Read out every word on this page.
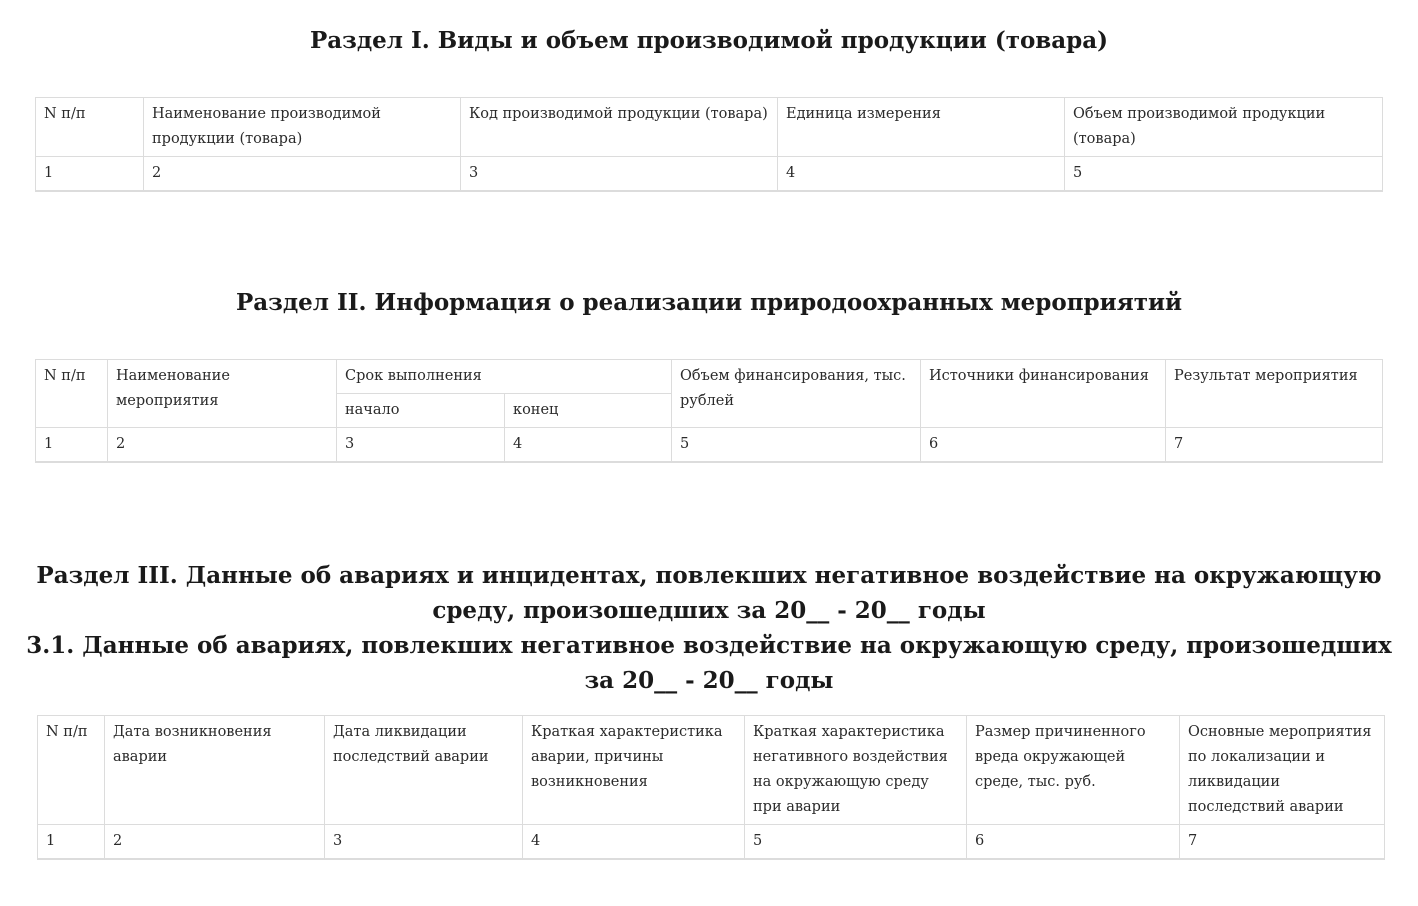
Раздел I. Виды и объем производимой продукции (товара)
N п/п	Наименование производимой продукции (товара)	Код производимой продукции (товара)	Единица измерения	Объем производимой продукции (товара)
1	2	3	4	5

Раздел II. Информация о реализации природоохранных мероприятий
N п/п	Наименование мероприятия	Срок выполнения		Объем финансирования, тыс. рублей	Источники финансирования	Результат мероприятия
		начало	конец			
1	2	3	4	5	6	7

Раздел III. Данные об авариях и инцидентах, повлекших негативное воздействие на окружающую среду, произошедших за 20__ - 20__ годы
3.1. Данные об авариях, повлекших негативное воздействие на окружающую среду, произошедших за 20__ - 20__ годы
N п/п	Дата возникновения аварии	Дата ликвидации последствий аварии	Краткая характеристика аварии, причины возникновения	Краткая характеристика негативного воздействия на окружающую среду при аварии	Размер причиненного вреда окружающей среде, тыс. руб.	Основные мероприятия по локализации и ликвидации последствий аварии
1	2	3	4	5	6	7
